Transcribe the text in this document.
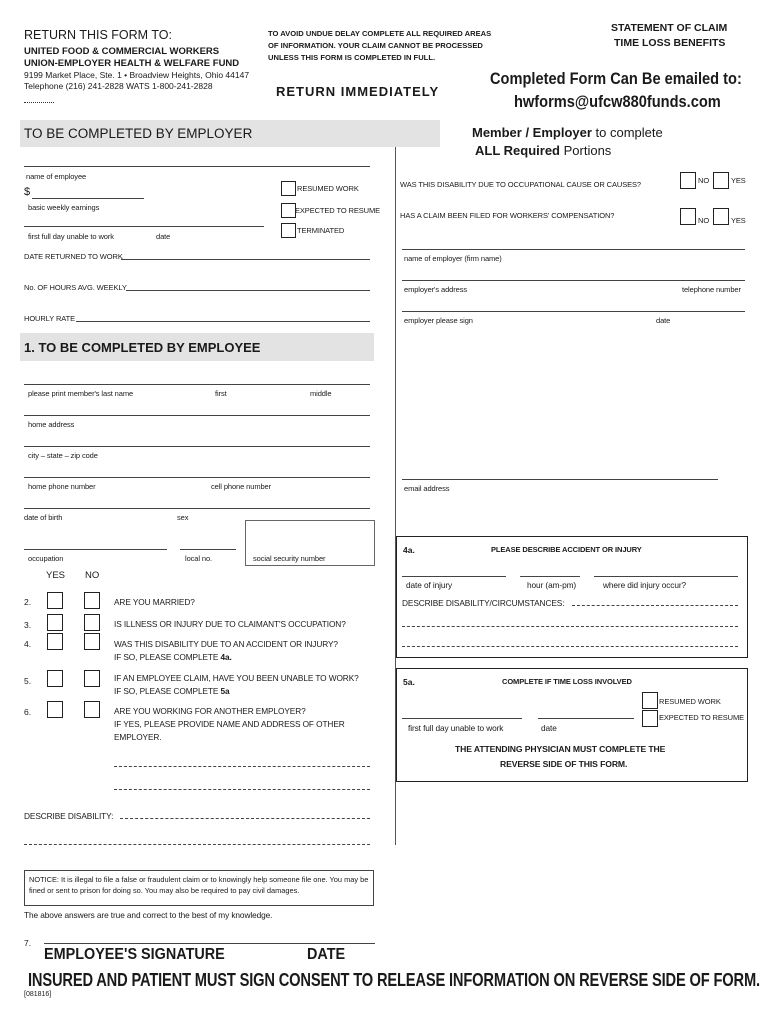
RETURN THIS FORM TO:
UNITED FOOD & COMMERCIAL WORKERS
UNION-EMPLOYER HEALTH & WELFARE FUND
9199 Market Place, Ste. 1 • Broadview Heights, Ohio 44147
Telephone (216) 241-2828 WATS 1-800-241-2828
TO AVOID UNDUE DELAY COMPLETE ALL REQUIRED AREAS
OF INFORMATION. YOUR CLAIM CANNOT BE PROCESSED
UNLESS THIS FORM IS COMPLETED IN FULL.
RETURN IMMEDIATELY
STATEMENT OF CLAIM
TIME LOSS BENEFITS
Completed Form Can Be emailed to:
hwforms@ufcw880funds.com
TO BE COMPLETED BY EMPLOYER	Member / Employer to complete
ALL Required Portions
name of employee
$
basic weekly earnings
first full day unable to work	date
RESUMED WORK
EXPECTED TO RESUME
TERMINATED
DATE RETURNED TO WORK
No. OF HOURS AVG. WEEKLY
HOURLY RATE
WAS THIS DISABILITY DUE TO OCCUPATIONAL CAUSE OR CAUSES?	NO	YES
HAS A CLAIM BEEN FILED FOR WORKERS' COMPENSATION?
NO	YES
name of employer (firm name)
employer's address	telephone number
employer please sign	date
1. TO BE COMPLETED BY EMPLOYEE
please print member's last name	first	middle
home address
city – state – zip code
home phone number	cell phone number	email address
date of birth	sex
occupation	local no.	social security number
YES NO
2.	ARE YOU MARRIED?
3.	IS ILLNESS OR INJURY DUE TO CLAIMANT'S OCCUPATION?
4.	WAS THIS DISABILITY DUE TO AN ACCIDENT OR INJURY?
IF SO, PLEASE COMPLETE 4a.
5.	IF AN EMPLOYEE CLAIM, HAVE YOU BEEN UNABLE TO WORK?
IF SO, PLEASE COMPLETE 5a
6.	ARE YOU WORKING FOR ANOTHER EMPLOYER?
IF YES, PLEASE PROVIDE NAME AND ADDRESS OF OTHER
EMPLOYER.
DESCRIBE DISABILITY:
NOTICE: It is illegal to file a false or fraudulent claim or to knowingly help someone file one. You may be fined or sent to prison for doing so. You may also be required to pay civil damages.
The above answers are true and correct to the best of my knowledge.
7.
EMPLOYEE'S SIGNATURE	DATE
4a.	PLEASE DESCRIBE ACCIDENT OR INJURY
date of injury	hour (am-pm)	where did injury occur?
DESCRIBE DISABILITY/CIRCUMSTANCES:
5a.	COMPLETE IF TIME LOSS INVOLVED
RESUMED WORK
EXPECTED TO RESUME
first full day unable to work	date
THE ATTENDING PHYSICIAN MUST COMPLETE THE
REVERSE SIDE OF THIS FORM.
INSURED AND PATIENT MUST SIGN CONSENT TO RELEASE INFORMATION ON REVERSE SIDE OF FORM.
[081816]
